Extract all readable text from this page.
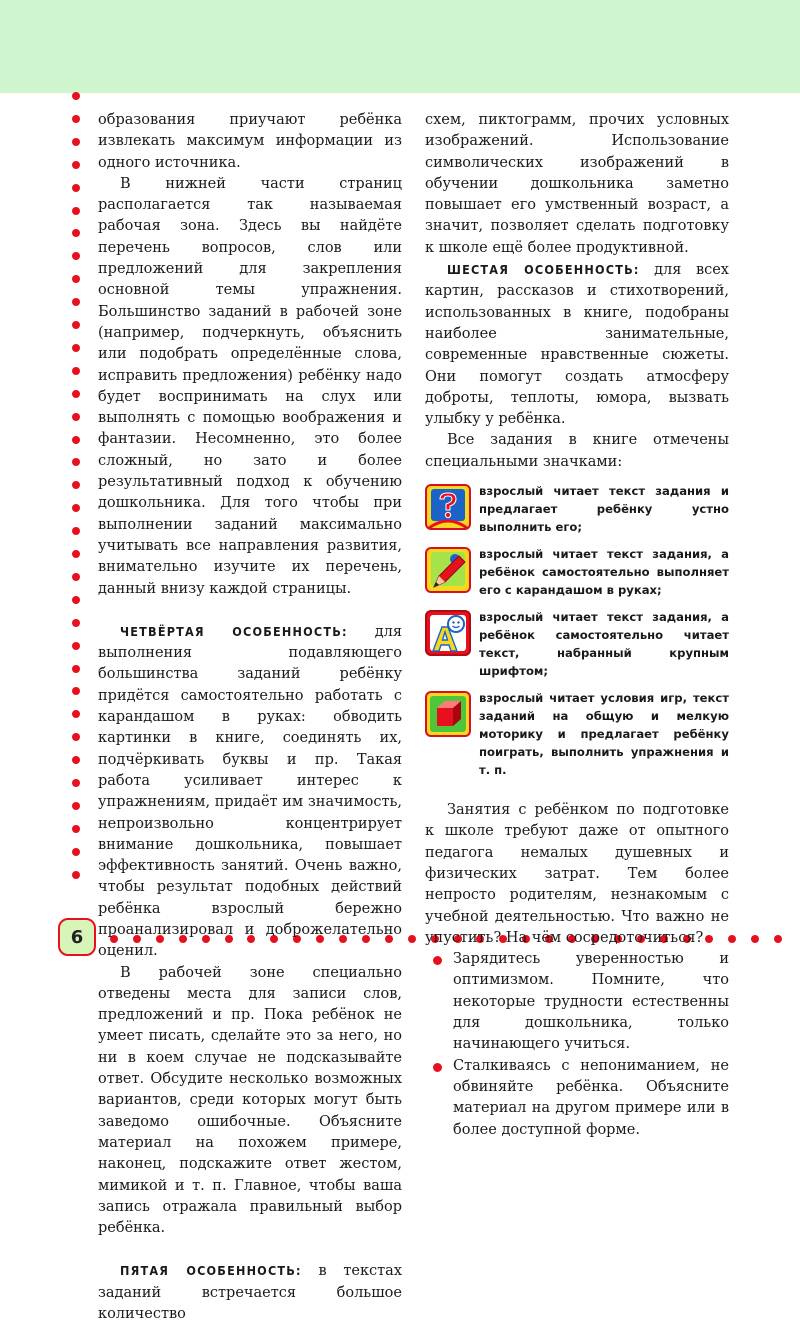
6

образования приучают ребёнка извлекать максимум информации из одного источника.

В нижней части страниц располагается так называемая рабочая зона. Здесь вы найдёте перечень вопросов, слов или предложений для закрепления основной темы упражнения. Большинство заданий в рабочей зоне (например, подчеркнуть, объяснить или подобрать определённые слова, исправить предложения) ребёнку надо будет воспринимать на слух или выполнять с помощью воображения и фантазии. Несомненно, это более сложный, но зато и более результативный подход к обучению дошкольника. Для того чтобы при выполнении заданий максимально учитывать все направления развития, внимательно изучите их перечень, данный внизу каждой страницы.

ЧЕТВЁРТАЯ ОСОБЕННОСТЬ: для выполнения подавляющего большинства заданий ребёнку придётся самостоятельно работать с карандашом в руках: обводить картинки в книге, соединять их, подчёркивать буквы и пр. Такая работа усиливает интерес к упражнениям, придаёт им значимость, непроизвольно концентрирует внимание дошкольника, повышает эффективность занятий. Очень важно, чтобы результат подобных действий ребёнка взрослый бережно проанализировал и доброжелательно оценил.

В рабочей зоне специально отведены места для записи слов, предложений и пр. Пока ребёнок не умеет писать, сделайте это за него, но ни в коем случае не подсказывайте ответ. Обсудите несколько возможных вариантов, среди которых могут быть заведомо ошибочные. Объясните материал на похожем примере, наконец, подскажите ответ жестом, мимикой и т. п. Главное, чтобы ваша запись отражала правильный выбор ребёнка.

ПЯТАЯ ОСОБЕННОСТЬ: в текстах заданий встречается большое количество

схем, пиктограмм, прочих условных изображений. Использование символических изображений в обучении дошкольника заметно повышает его умственный возраст, а значит, позволяет сделать подготовку к школе ещё более продуктивной.

ШЕСТАЯ ОСОБЕННОСТЬ: для всех картин, рассказов и стихотворений, использованных в книге, подобраны наиболее занимательные, современные нравственные сюжеты. Они помогут создать атмосферу доброты, теплоты, юмора, вызвать улыбку у ребёнка.

Все задания в книге отмечены специальными значками:

взрослый читает текст задания и предлагает ребёнку устно выполнить его;
взрослый читает текст задания, а ребёнок самостоятельно выполняет его с карандашом в руках;
взрослый читает текст задания, а ребёнок самостоятельно читает текст, набранный крупным шрифтом;
взрослый читает условия игр, текст заданий на общую и мелкую моторику и предлагает ребёнку поиграть, выполнить упражнения и т. п.

Занятия с ребёнком по подготовке к школе требуют даже от опытного педагога немалых душевных и физических затрат. Тем более непросто родителям, незнакомым с учебной деятельностью. Что важно не упустить? На чём сосредоточиться?

Зарядитесь уверенностью и оптимизмом. Помните, что некоторые трудности естественны для дошкольника, только начинающего учиться.
Сталкиваясь с непониманием, не обвиняйте ребёнка. Объясните материал на другом примере или в более доступной форме.
